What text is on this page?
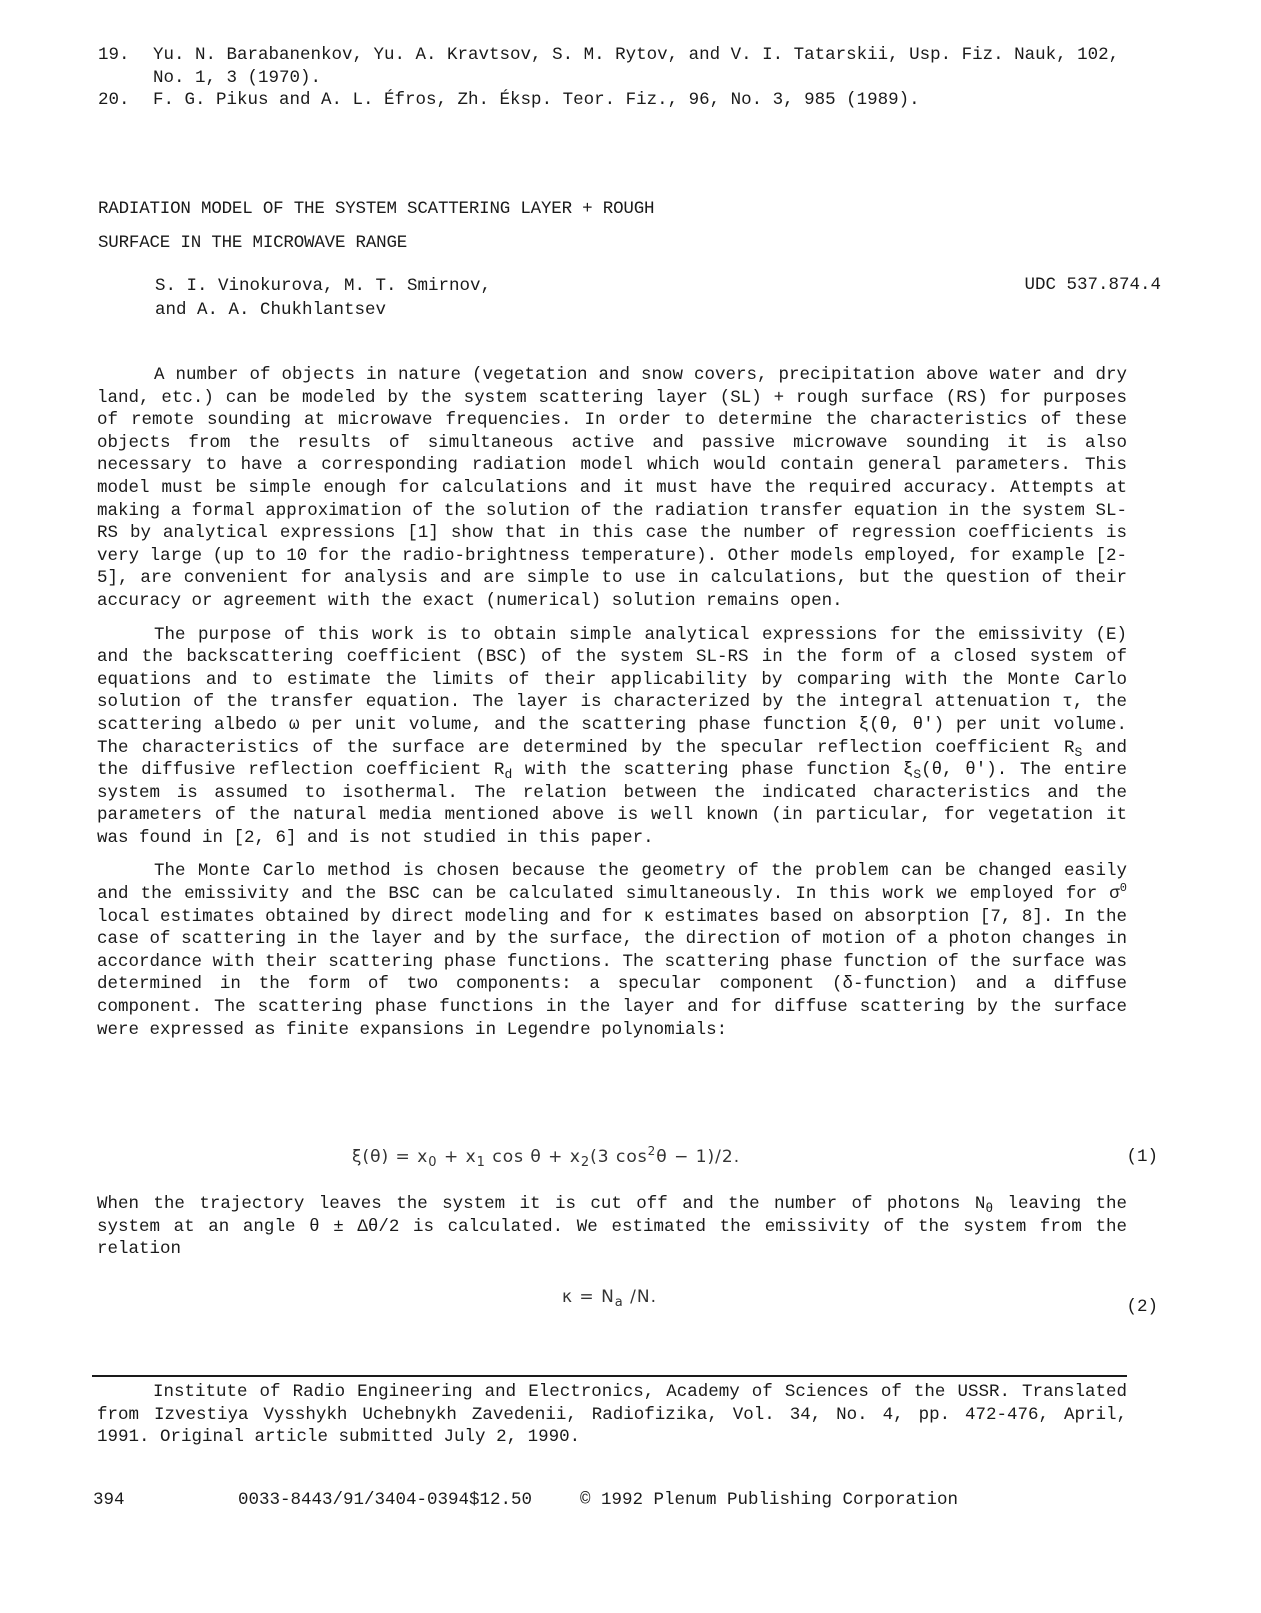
19. Yu. N. Barabanenkov, Yu. A. Kravtsov, S. M. Rytov, and V. I. Tatarskii, Usp. Fiz. Nauk, 102, No. 1, 3 (1970).
20. F. G. Pikus and A. L. Éfros, Zh. Éksp. Teor. Fiz., 96, No. 3, 985 (1989).
RADIATION MODEL OF THE SYSTEM SCATTERING LAYER + ROUGH
SURFACE IN THE MICROWAVE RANGE
S. I. Vinokurova, M. T. Smirnov,
and A. A. Chukhlantsev
UDC 537.874.4

A number of objects in nature (vegetation and snow covers, precipitation above water and dry land, etc.) can be modeled by the system scattering layer (SL) + rough surface (RS) for purposes of remote sounding at microwave frequencies. In order to determine the characteristics of these objects from the results of simultaneous active and passive microwave sounding it is also necessary to have a corresponding radiation model which would contain general parameters. This model must be simple enough for calculations and it must have the required accuracy. Attempts at making a formal approximation of the solution of the radiation transfer equation in the system SL-RS by analytical expressions [1] show that in this case the number of regression coefficients is very large (up to 10 for the radio-brightness temperature). Other models employed, for example [2-5], are convenient for analysis and are simple to use in calculations, but the question of their accuracy or agreement with the exact (numerical) solution remains open.

The purpose of this work is to obtain simple analytical expressions for the emissivity (E) and the backscattering coefficient (BSC) of the system SL-RS in the form of a closed system of equations and to estimate the limits of their applicability by comparing with the Monte Carlo solution of the transfer equation. The layer is characterized by the integral attenuation τ, the scattering albedo ω per unit volume, and the scattering phase function ξ(θ, θ') per unit volume. The characteristics of the surface are determined by the specular reflection coefficient $R_S$ and the diffusive reflection coefficient $R_d$ with the scattering phase function $\xi_S(\theta$, θ'). The entire system is assumed to isothermal. The relation between the indicated characteristics and the parameters of the natural media mentioned above is well known (in particular, for vegetation it was found in [2, 6] and is not studied in this paper.

The Monte Carlo method is chosen because the geometry of the problem can be changed easily and the emissivity and the BSC can be calculated simultaneously. In this work we employed for $\sigma^0$ local estimates obtained by direct modeling and for κ estimates based on absorption [7, 8]. In the case of scattering in the layer and by the surface, the direction of motion of a photon changes in accordance with their scattering phase functions. The scattering phase function of the surface was determined in the form of two components: a specular component (δ-function) and a diffuse component. The scattering phase functions in the layer and for diffuse scattering by the surface were expressed as finite expansions in Legendre polynomials:

$\xi(\theta) = x_0 + x_1$ $\cos \theta + x_2(3$ $\cos^2\theta - 1)/2$.	(1)
When the trajectory leaves the system it is cut off and the number of photons $N_\theta$ leaving the system at an angle θ ± Δθ/2 is calculated. We estimated the emissivity of the system from the relation
$\kappa = N_a$ /N.	(2)

Institute of Radio Engineering and Electronics, Academy of Sciences of the USSR. Translated from Izvestiya Vysshykh Uchebnykh Zavedenii, Radiofizika, Vol. 34, No. 4, pp. 472-476, April, 1991. Original article submitted July 2, 1990.

394	0033-8443/91/3404-0394$12.50	© 1992 Plenum Publishing Corporation
